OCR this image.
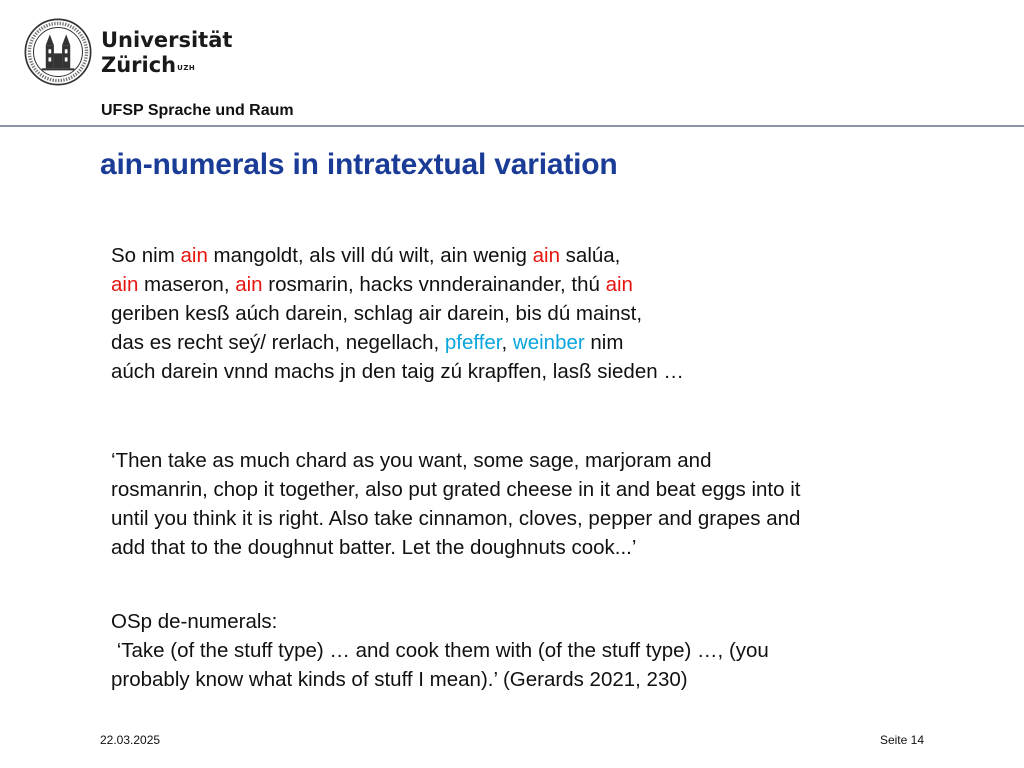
Universität
Zürich$^{UZH}$
UFSP Sprache und Raum
ain-numerals in intratextual variation
So nim ain mangoldt, als vill dú wilt, ain wenig ain salúa,
ain maseron, ain rosmarin, hacks vnnderainander, thú ain
geriben kesß aúch darein, schlag air darein, bis dú mainst,
das es recht seý/ rerlach, negellach, pfeffer, weinber nim
aúch darein vnnd machs jn den taig zú krapffen, lasß sieden …
‘Then take as much chard as you want, some sage, marjoram and
rosmanrin, chop it together, also put grated cheese in it and beat eggs into it
until you think it is right. Also take cinnamon, cloves, pepper and grapes and
add that to the doughnut batter. Let the doughnuts cook...’
OSp de-numerals:
‘Take (of the stuff type) … and cook them with (of the stuff type) …, (you
probably know what kinds of stuff I mean).’ (Gerards 2021, 230)
22.03.2025	Seite 14
